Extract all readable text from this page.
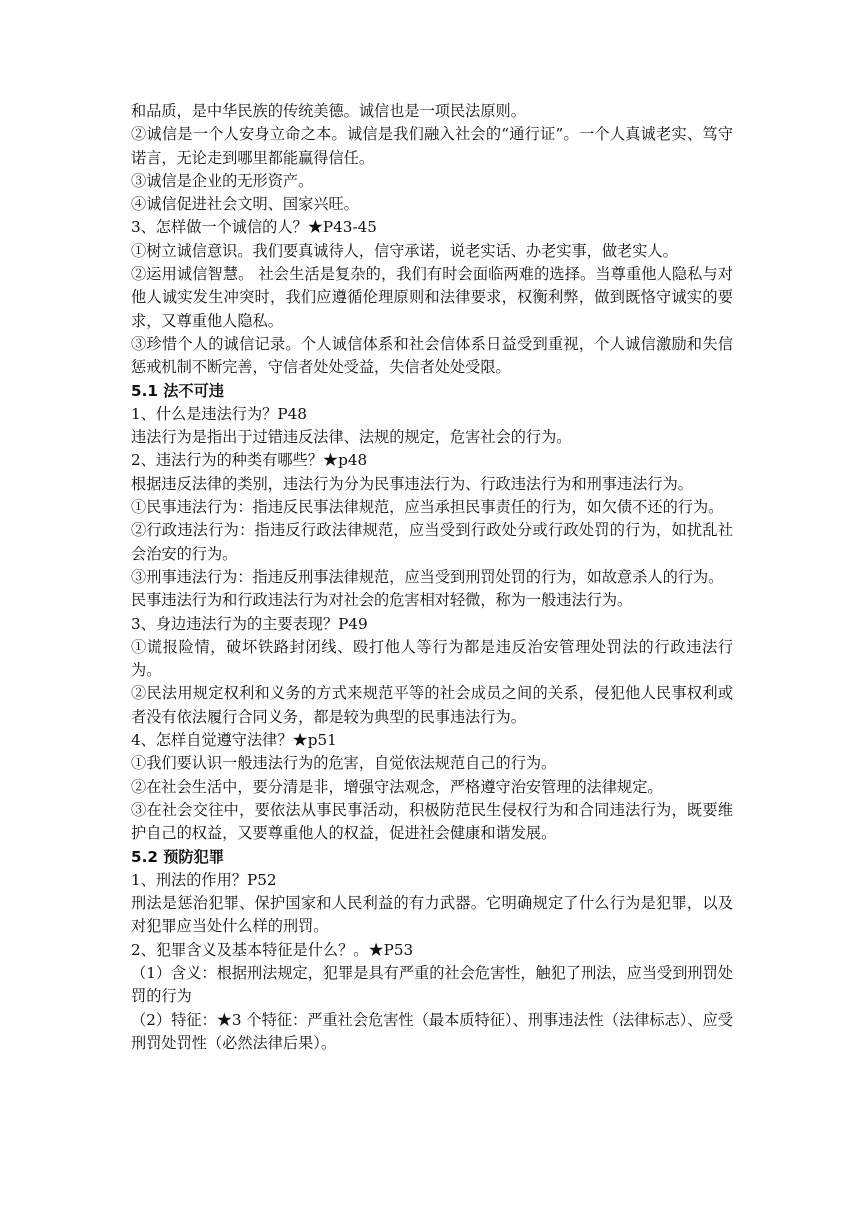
和品质，是中华民族的传统美德。诚信也是一项民法原则。
②诚信是一个人安身立命之本。诚信是我们融入社会的“通行证”。一个人真诚老实、笃守诺言，无论走到哪里都能赢得信任。
③诚信是企业的无形资产。
④诚信促进社会文明、国家兴旺。
3、怎样做一个诚信的人？★P43-45
①树立诚信意识。我们要真诚待人，信守承诺，说老实话、办老实事，做老实人。
②运用诚信智慧。 社会生活是复杂的，我们有时会面临两难的选择。当尊重他人隐私与对他人诚实发生冲突时，我们应遵循伦理原则和法律要求，权衡利弊，做到既恪守诚实的要求，又尊重他人隐私。
③珍惜个人的诚信记录。个人诚信体系和社会信体系日益受到重视，个人诚信激励和失信惩戒机制不断完善，守信者处处受益，失信者处处受限。
5.1 法不可违
1、什么是违法行为？P48
违法行为是指出于过错违反法律、法规的规定，危害社会的行为。
2、违法行为的种类有哪些？★p48
根据违反法律的类别，违法行为分为民事违法行为、行政违法行为和刑事违法行为。
①民事违法行为：指违反民事法律规范，应当承担民事责任的行为，如欠债不还的行为。
②行政违法行为：指违反行政法律规范，应当受到行政处分或行政处罚的行为，如扰乱社会治安的行为。
③刑事违法行为：指违反刑事法律规范，应当受到刑罚处罚的行为，如故意杀人的行为。
民事违法行为和行政违法行为对社会的危害相对轻微，称为一般违法行为。
3、身边违法行为的主要表现？P49
①谎报险情，破坏铁路封闭线、殴打他人等行为都是违反治安管理处罚法的行政违法行为。
②民法用规定权利和义务的方式来规范平等的社会成员之间的关系，侵犯他人民事权利或者没有依法履行合同义务，都是较为典型的民事违法行为。
4、怎样自觉遵守法律？★p51
①我们要认识一般违法行为的危害，自觉依法规范自己的行为。
②在社会生活中，要分清是非，增强守法观念，严格遵守治安管理的法律规定。
③在社会交往中，要依法从事民事活动，积极防范民生侵权行为和合同违法行为，既要维护自己的权益，又要尊重他人的权益，促进社会健康和谐发展。
5.2 预防犯罪
1、刑法的作用？P52
刑法是惩治犯罪、保护国家和人民利益的有力武器。它明确规定了什么行为是犯罪，以及对犯罪应当处什么样的刑罚。
2、犯罪含义及基本特征是什么？。★P53
（1）含义：根据刑法规定，犯罪是具有严重的社会危害性，触犯了刑法，应当受到刑罚处罚的行为
（2）特征：★3 个特征：严重社会危害性（最本质特征）、刑事违法性（法律标志）、应受刑罚处罚性（必然法律后果）。
